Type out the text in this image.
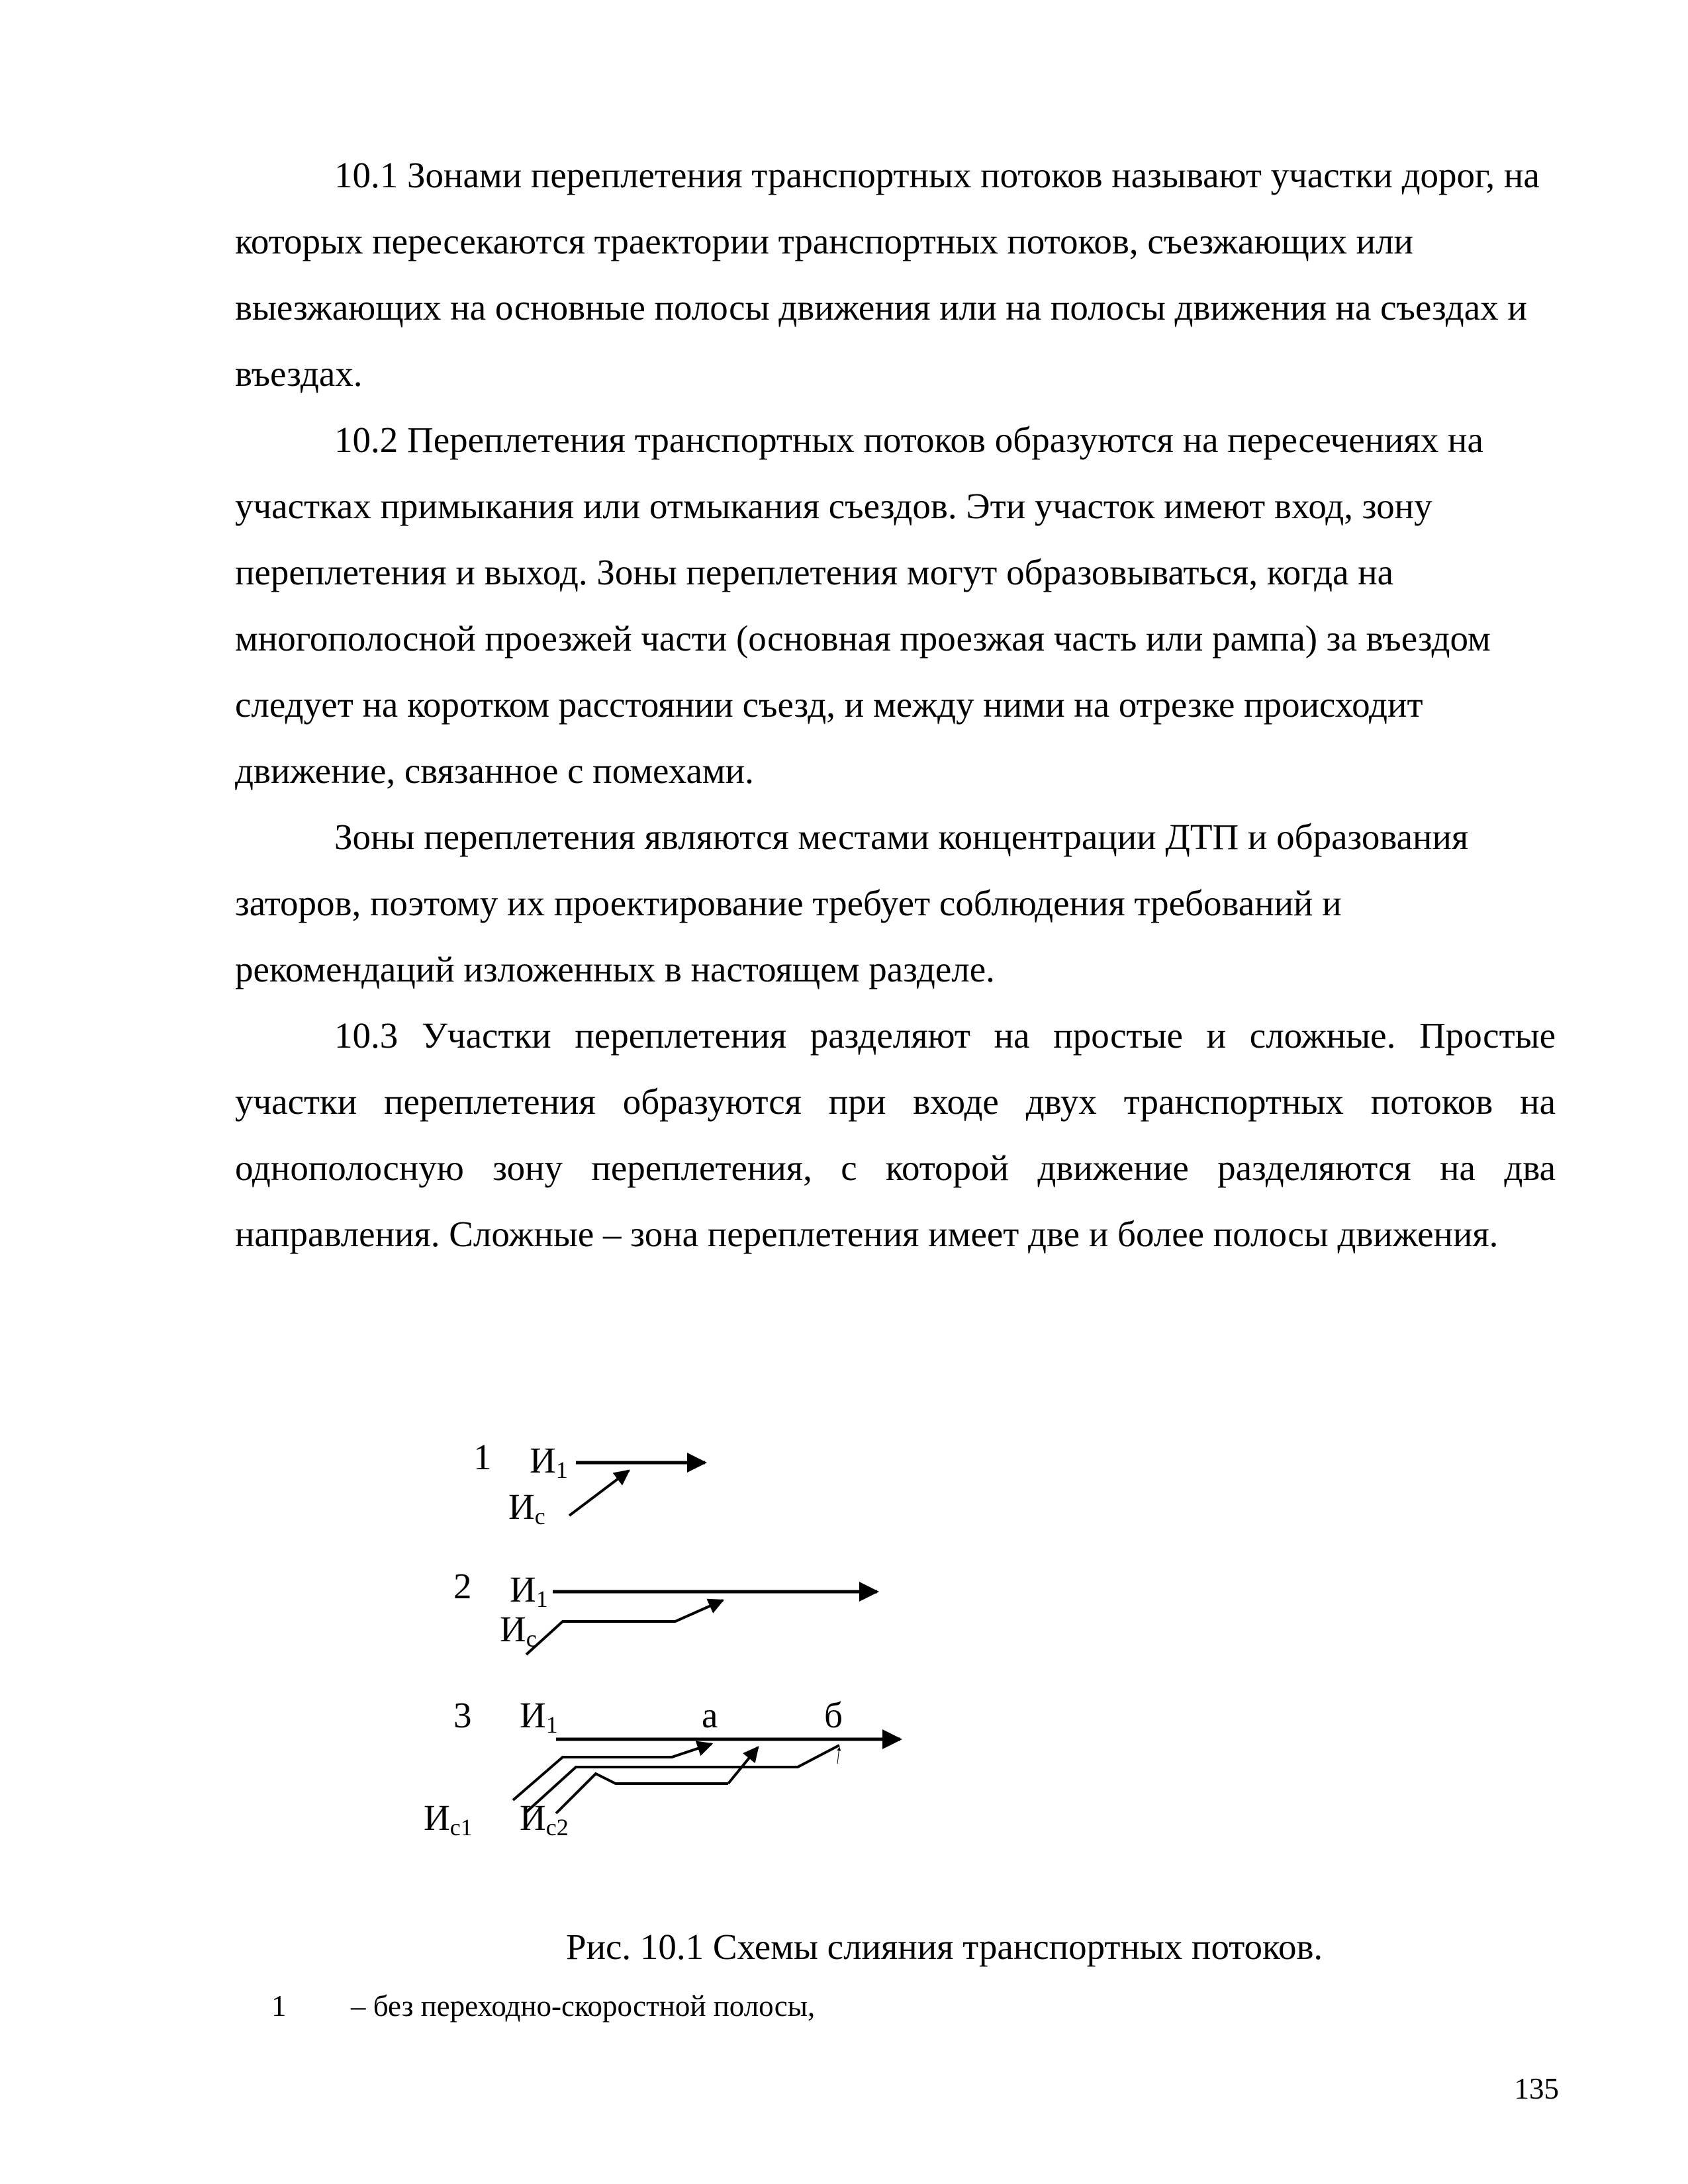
10.1 Зонами переплетения транспортных потоков называют участки дорог, на которых пересекаются траектории транспортных потоков, съезжающих или выезжающих на основные полосы движения или на полосы движения на съездах и въездах.

10.2 Переплетения транспортных потоков образуются на пересечениях на участках примыкания или отмыкания съездов. Эти участок имеют вход, зону переплетения и выход. Зоны переплетения могут образовываться, когда на многополосной проезжей части (основная проезжая часть или рампа) за въездом следует на коротком расстоянии съезд, и между ними на отрезке происходит движение, связанное с помехами.

Зоны переплетения являются местами концентрации ДТП и образования заторов, поэтому их проектирование требует соблюдения требований и рекомендаций изложенных в настоящем разделе.

10.3 Участки переплетения разделяют на простые и сложные. Простые участки переплетения образуются при входе двух транспортных потоков на однополосную зону переплетения, с которой движение разделяются на два направления. Сложные – зона переплетения имеет две и более полосы движения.

1 И1
Ис
2 И1
Ис
3 И1	а	б
Ис1 Ис2

Рис. 10.1 Схемы слияния транспортных потоков.

1 – без переходно-скоростной полосы,

135
